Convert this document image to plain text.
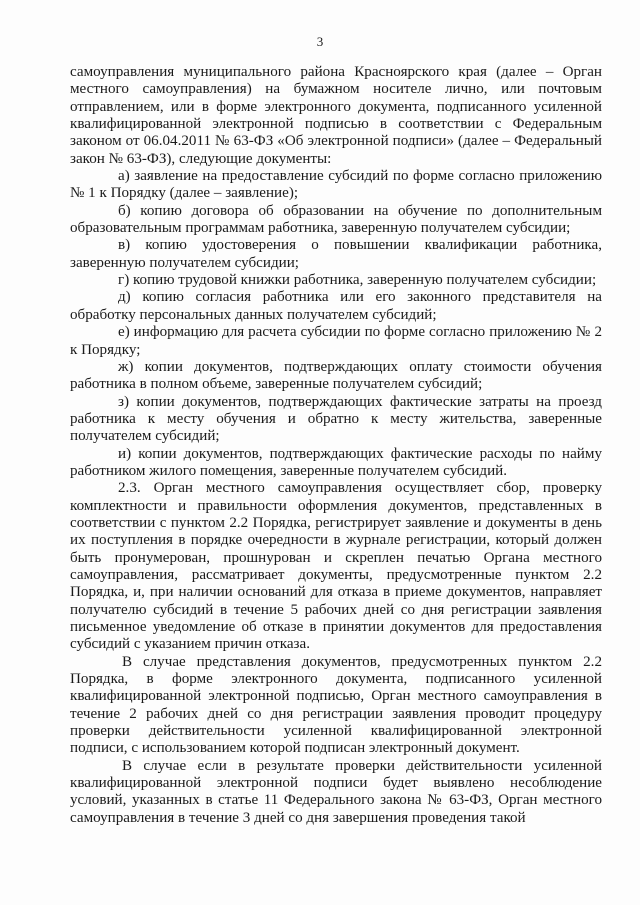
3

самоуправления муниципального района Красноярского края (далее – Орган местного самоуправления) на бумажном носителе лично, или почтовым отправлением, или в форме электронного документа, подписанного усиленной квалифицированной электронной подписью в соответствии с Федеральным законом от 06.04.2011 № 63-ФЗ «Об электронной подписи» (далее – Федеральный закон № 63-ФЗ), следующие документы:

а) заявление на предоставление субсидий по форме согласно приложению № 1 к Порядку (далее – заявление);

б) копию договора об образовании на обучение по дополнительным образовательным программам работника, заверенную получателем субсидии;

в) копию удостоверения о повышении квалификации работника, заверенную получателем субсидии;

г) копию трудовой книжки работника, заверенную получателем субсидии;

д) копию согласия работника или его законного представителя на обработку персональных данных получателем субсидий;

е) информацию для расчета субсидии по форме согласно приложению № 2 к Порядку;

ж) копии документов, подтверждающих оплату стоимости обучения работника в полном объеме, заверенные получателем субсидий;

з) копии документов, подтверждающих фактические затраты на проезд работника к месту обучения и обратно к месту жительства, заверенные получателем субсидий;

и) копии документов, подтверждающих фактические расходы по найму работником жилого помещения, заверенные получателем субсидий.

2.3. Орган местного самоуправления осуществляет сбор, проверку комплектности и правильности оформления документов, представленных в соответствии с пунктом 2.2 Порядка, регистрирует заявление и документы в день их поступления в порядке очередности в журнале регистрации, который должен быть пронумерован, прошнурован и скреплен печатью Органа местного самоуправления, рассматривает документы, предусмотренные пунктом 2.2 Порядка, и, при наличии оснований для отказа в приеме документов, направляет получателю субсидий в течение 5 рабочих дней со дня регистрации заявления письменное уведомление об отказе в принятии документов для предоставления субсидий с указанием причин отказа.

В случае представления документов, предусмотренных пунктом 2.2 Порядка, в форме электронного документа, подписанного усиленной квалифицированной электронной подписью, Орган местного самоуправления в течение 2 рабочих дней со дня регистрации заявления проводит процедуру проверки действительности усиленной квалифицированной электронной подписи, с использованием которой подписан электронный документ.

В случае если в результате проверки действительности усиленной квалифицированной электронной подписи будет выявлено несоблюдение условий, указанных в статье 11 Федерального закона № 63-ФЗ, Орган местного самоуправления в течение 3 дней со дня завершения проведения такой
